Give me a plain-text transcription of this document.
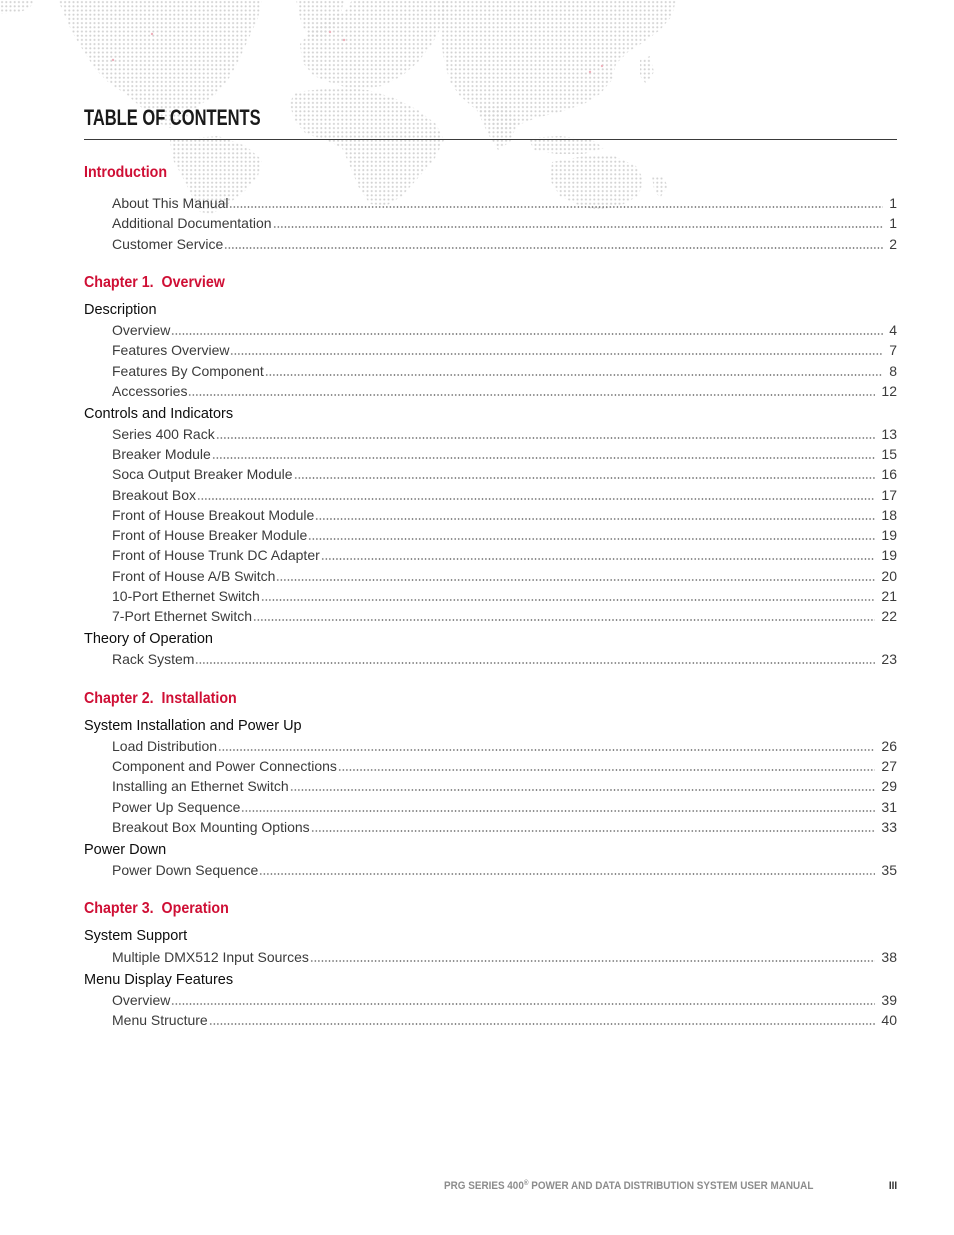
TABLE OF CONTENTS
Introduction
About This Manual	1
Additional Documentation	1
Customer Service	2
Chapter 1.  Overview
Description
Overview	4
Features Overview	7
Features By Component	8
Accessories	12
Controls and Indicators
Series 400 Rack	13
Breaker Module	15
Soca Output Breaker Module	16
Breakout Box	17
Front of House Breakout Module	18
Front of House Breaker Module	19
Front of House Trunk DC Adapter	19
Front of House A/B Switch	20
10-Port Ethernet Switch	21
7-Port Ethernet Switch	22
Theory of Operation
Rack System	23
Chapter 2.  Installation
System Installation and Power Up
Load Distribution	26
Component and Power Connections	27
Installing an Ethernet Switch	29
Power Up Sequence	31
Breakout Box Mounting Options	33
Power Down
Power Down Sequence	35
Chapter 3.  Operation
System Support
Multiple DMX512 Input Sources	38
Menu Display Features
Overview	39
Menu Structure	40
PRG SERIES 400® POWER AND DATA DISTRIBUTION SYSTEM USER MANUAL	III
